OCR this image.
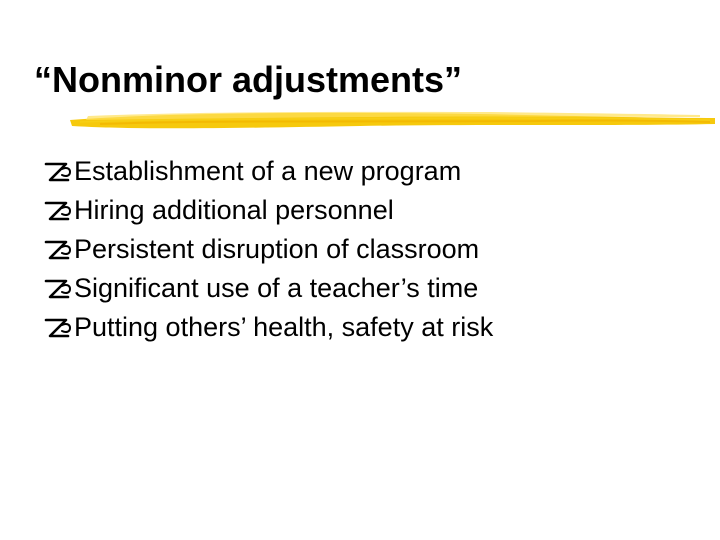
“Nonminor adjustments”
Establishment of a new program
Hiring additional personnel
Persistent disruption of classroom
Significant use of a teacher’s time
Putting others’ health, safety at risk
